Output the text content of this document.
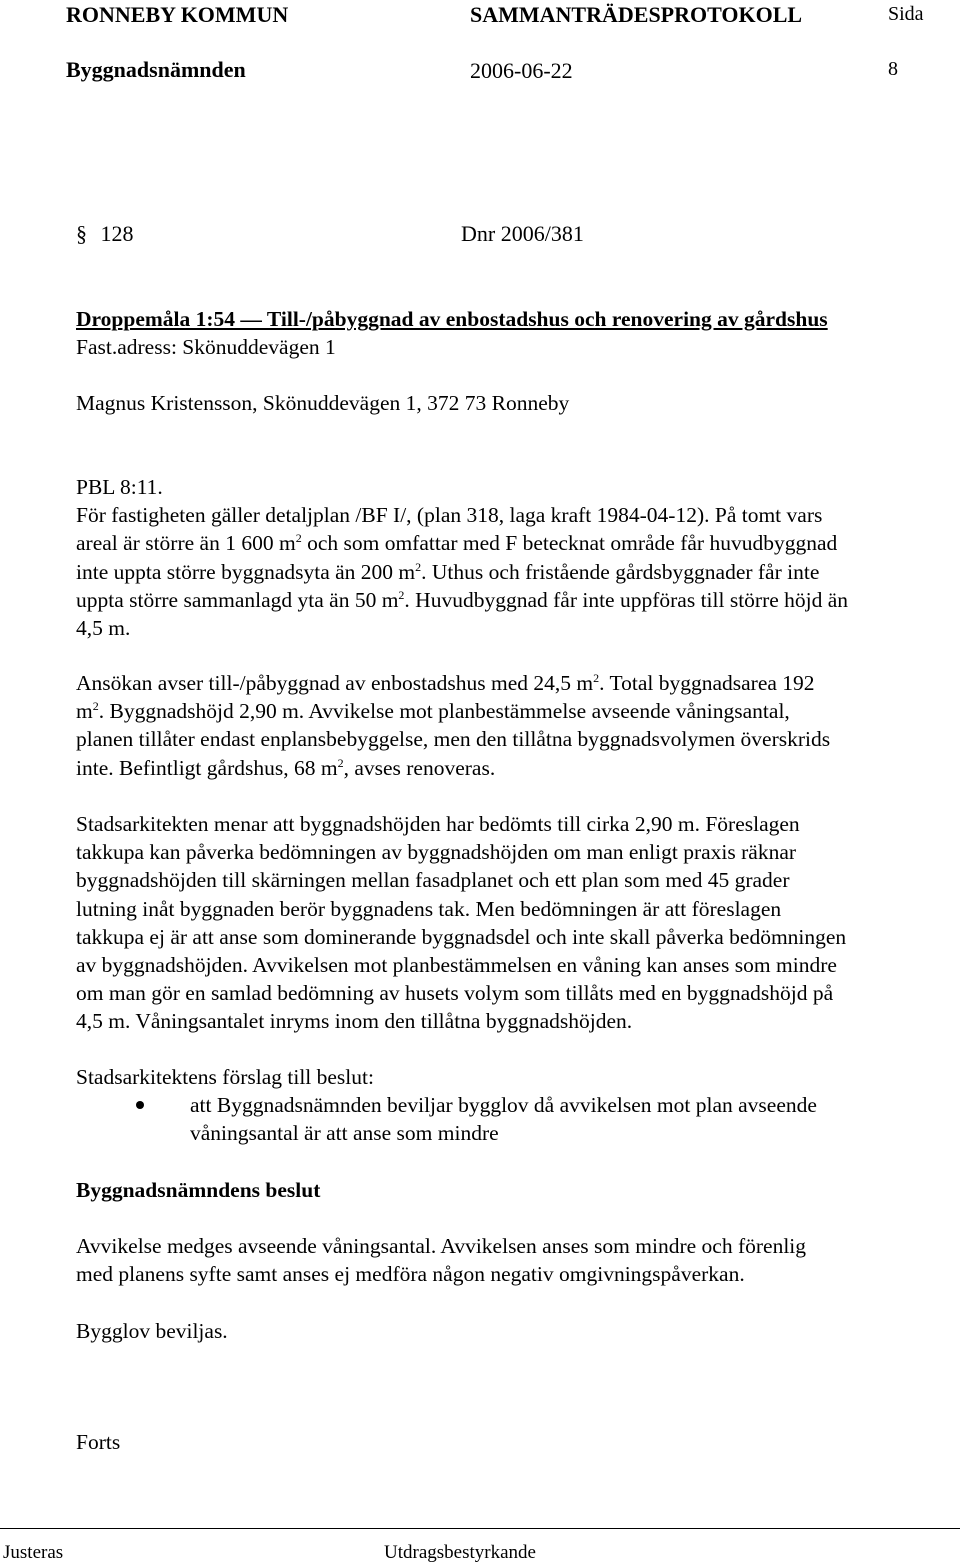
RONNEBY KOMMUN	SAMMANTRÄDESPROTOKOLL	Sida
Byggnadsnämnden	2006-06-22	8
§ 128	Dnr 2006/381
Droppemåla 1:54 — Till-/påbyggnad av enbostadshus och renovering av gårdshus
Fast.adress: Skönuddevägen 1
Magnus Kristensson, Skönuddevägen 1, 372 73 Ronneby
PBL 8:11.
För fastigheten gäller detaljplan /BF I/, (plan 318, laga kraft 1984-04-12). På tomt vars
areal är större än 1 600 $m^2$ och som omfattar med F betecknat område får huvudbyggnad
inte uppta större byggnadsyta än 200 $m^2$. Uthus och fristående gårdsbyggnader får inte
uppta större sammanlagd yta än 50 $m^2$. Huvudbyggnad får inte uppföras till större höjd än
4,5 m.
Ansökan avser till-/påbyggnad av enbostadshus med 24,5 $m^2$. Total byggnadsarea 192
$m^2$. Byggnadshöjd 2,90 m. Avvikelse mot planbestämmelse avseende våningsantal,
planen tillåter endast enplansbebyggelse, men den tillåtna byggnadsvolymen överskrids
inte. Befintligt gårdshus, 68 $m^2$, avses renoveras.
Stadsarkitekten menar att byggnadshöjden har bedömts till cirka 2,90 m. Föreslagen
takkupa kan påverka bedömningen av byggnadshöjden om man enligt praxis räknar
byggnadshöjden till skärningen mellan fasadplanet och ett plan som med 45 grader
lutning inåt byggnaden berör byggnadens tak. Men bedömningen är att föreslagen
takkupa ej är att anse som dominerande byggnadsdel och inte skall påverka bedömningen
av byggnadshöjden. Avvikelsen mot planbestämmelsen en våning kan anses som mindre
om man gör en samlad bedömning av husets volym som tillåts med en byggnadshöjd på
4,5 m. Våningsantalet inryms inom den tillåtna byggnadshöjden.
Stadsarkitektens förslag till beslut:
att Byggnadsnämnden beviljar bygglov då avvikelsen mot plan avseende
våningsantal är att anse som mindre
Byggnadsnämndens beslut
Avvikelse medges avseende våningsantal. Avvikelsen anses som mindre och förenlig
med planens syfte samt anses ej medföra någon negativ omgivningspåverkan.
Bygglov beviljas.
Forts
Justeras	Utdragsbestyrkande
